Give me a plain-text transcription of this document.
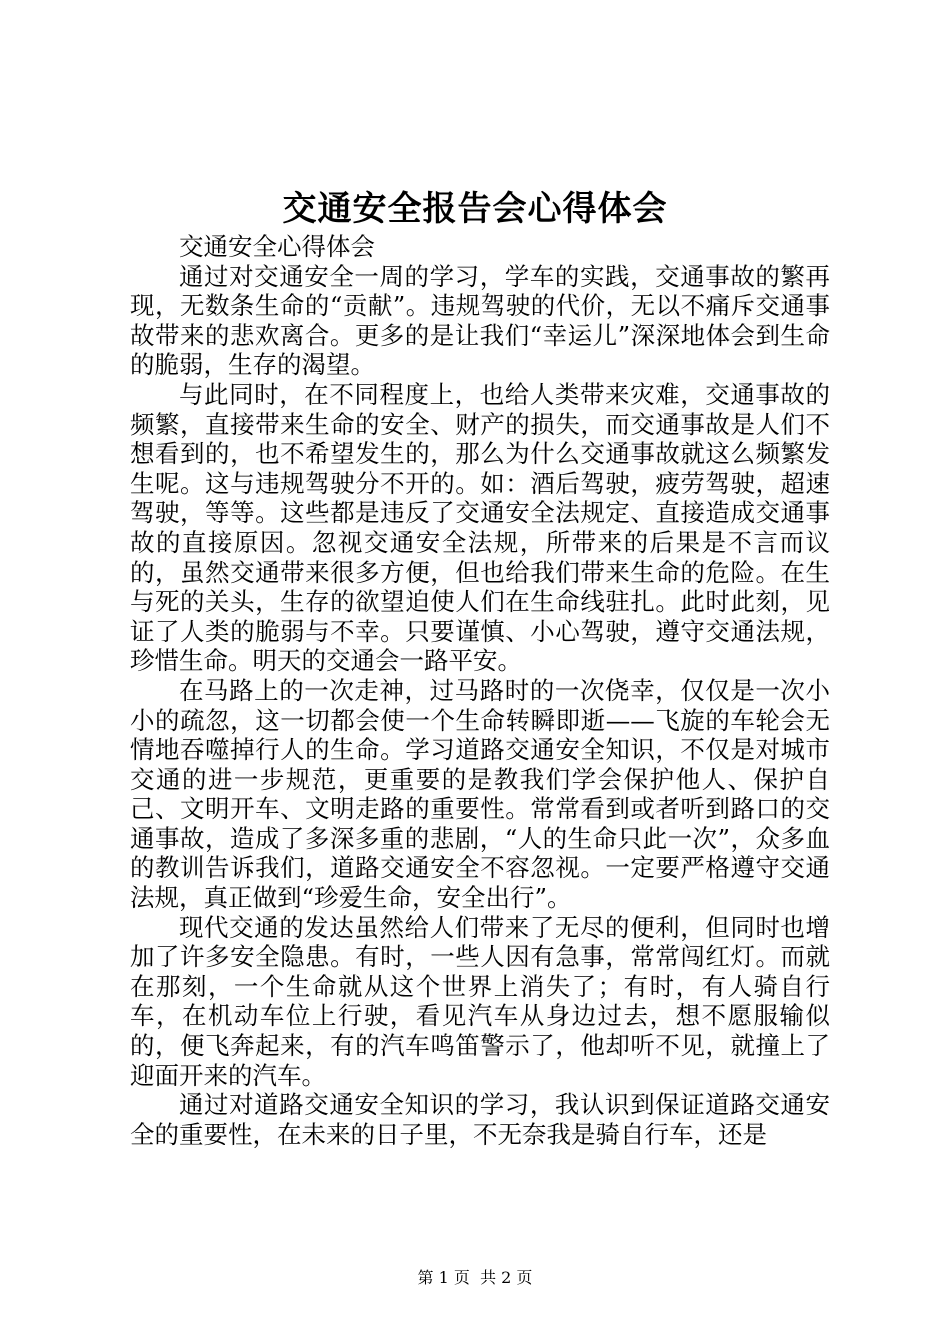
交通安全报告会心得体会

交通安全心得体会

通过对交通安全一周的学习，学车的实践，交通事故的繁再现，无数条生命的“贡献”。违规驾驶的代价，无以不痛斥交通事故带来的悲欢离合。更多的是让我们“幸运儿”深深地体会到生命的脆弱，生存的渴望。

与此同时，在不同程度上，也给人类带来灾难，交通事故的频繁，直接带来生命的安全、财产的损失，而交通事故是人们不想看到的，也不希望发生的，那么为什么交通事故就这么频繁发生呢。这与违规驾驶分不开的。如：酒后驾驶，疲劳驾驶，超速驾驶，等等。这些都是违反了交通安全法规定、直接造成交通事故的直接原因。忽视交通安全法规，所带来的后果是不言而议的，虽然交通带来很多方便，但也给我们带来生命的危险。在生与死的关头，生存的欲望迫使人们在生命线驻扎。此时此刻，见证了人类的脆弱与不幸。只要谨慎、小心驾驶，遵守交通法规，珍惜生命。明天的交通会一路平安。

在马路上的一次走神，过马路时的一次侥幸，仅仅是一次小小的疏忽，这一切都会使一个生命转瞬即逝——飞旋的车轮会无情地吞噬掉行人的生命。学习道路交通安全知识，不仅是对城市交通的进一步规范，更重要的是教我们学会保护他人、保护自己、文明开车、文明走路的重要性。常常看到或者听到路口的交通事故，造成了多深多重的悲剧，“人的生命只此一次”，众多血的教训告诉我们，道路交通安全不容忽视。一定要严格遵守交通法规，真正做到“珍爱生命，安全出行”。

现代交通的发达虽然给人们带来了无尽的便利，但同时也增加了许多安全隐患。有时，一些人因有急事，常常闯红灯。而就在那刻，一个生命就从这个世界上消失了；有时，有人骑自行车，在机动车位上行驶，看见汽车从身边过去，想不愿服输似的，便飞奔起来，有的汽车鸣笛警示了，他却听不见，就撞上了迎面开来的汽车。

通过对道路交通安全知识的学习，我认识到保证道路交通安全的重要性，在未来的日子里，不无奈我是骑自行车，还是

第 1 页 共 2 页
